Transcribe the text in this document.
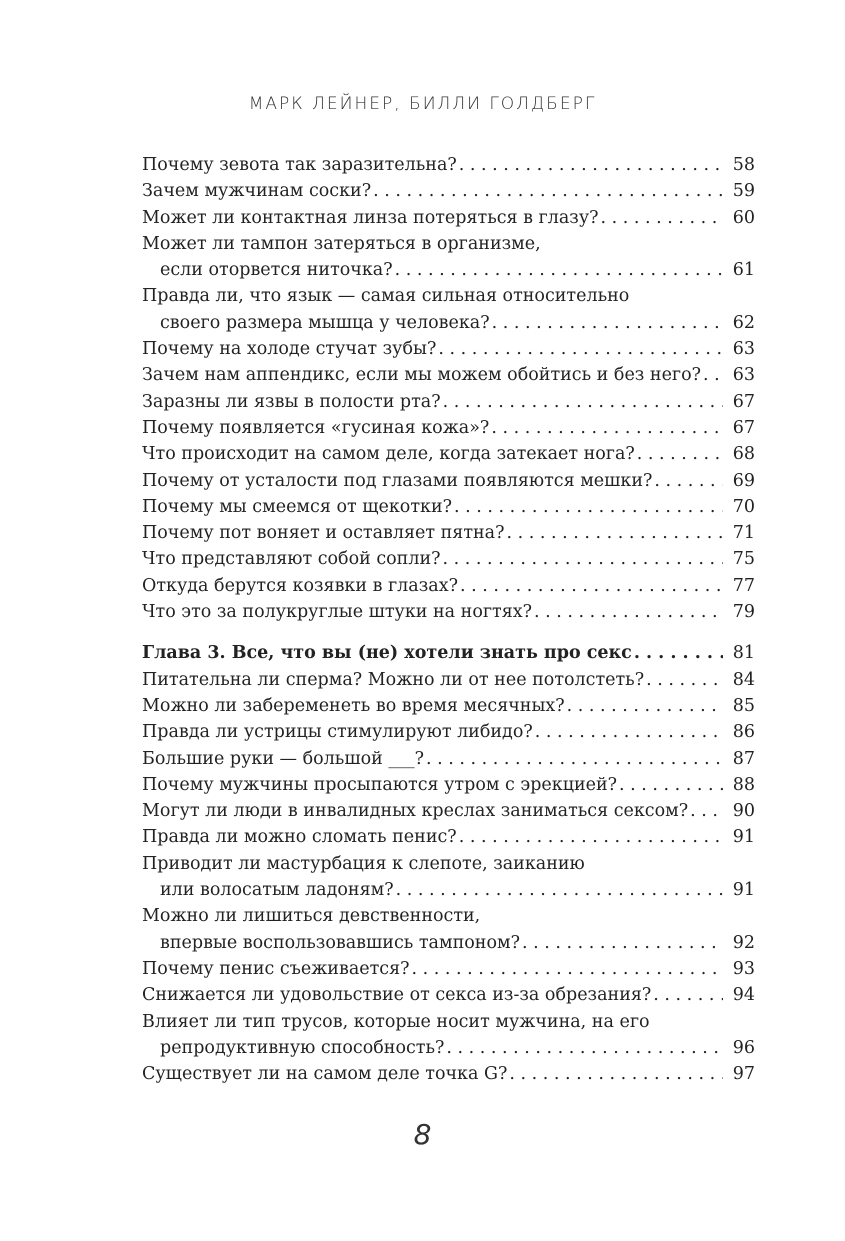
МАРК ЛЕЙНЕР, БИЛЛИ ГОЛДБЕРГ
Почему зевота так заразительна? . . .	58
Зачем мужчинам соски? . . .	59
Может ли контактная линза потеряться в глазу? . . .	60
Может ли тампон затеряться в организме,
если оторвется ниточка? . . .	61
Правда ли, что язык — самая сильная относительно
своего размера мышца у человека? . . .	62
Почему на холоде стучат зубы? . . .	63
Зачем нам аппендикс, если мы можем обойтись и без него? . . .	63
Заразны ли язвы в полости рта? . . .	67
Почему появляется «гусиная кожа»? . . .	67
Что происходит на самом деле, когда затекает нога? . . .	68
Почему от усталости под глазами появляются мешки? . . .	69
Почему мы смеемся от щекотки? . . .	70
Почему пот воняет и оставляет пятна? . . .	71
Что представляют собой сопли? . . .	75
Откуда берутся козявки в глазах? . . .	77
Что это за полукруглые штуки на ногтях? . . .	79
Глава 3. Все, что вы (не) хотели знать про секс . . .	81
Питательна ли сперма? Можно ли от нее потолстеть? . . .	84
Можно ли забеременеть во время месячных? . . .	85
Правда ли устрицы стимулируют либидо? . . .	86
Большие руки — большой ___? . . .	87
Почему мужчины просыпаются утром с эрекцией? . . .	88
Могут ли люди в инвалидных креслах заниматься сексом? . . .	90
Правда ли можно сломать пенис? . . .	91
Приводит ли мастурбация к слепоте, заиканию
или волосатым ладоням? . . .	91
Можно ли лишиться девственности,
впервые воспользовавшись тампоном? . . .	92
Почему пенис съеживается? . . .	93
Снижается ли удовольствие от секса из-за обрезания? . . .	94
Влияет ли тип трусов, которые носит мужчина, на его
репродуктивную способность? . . .	96
Существует ли на самом деле точка G? . . .	97
8
